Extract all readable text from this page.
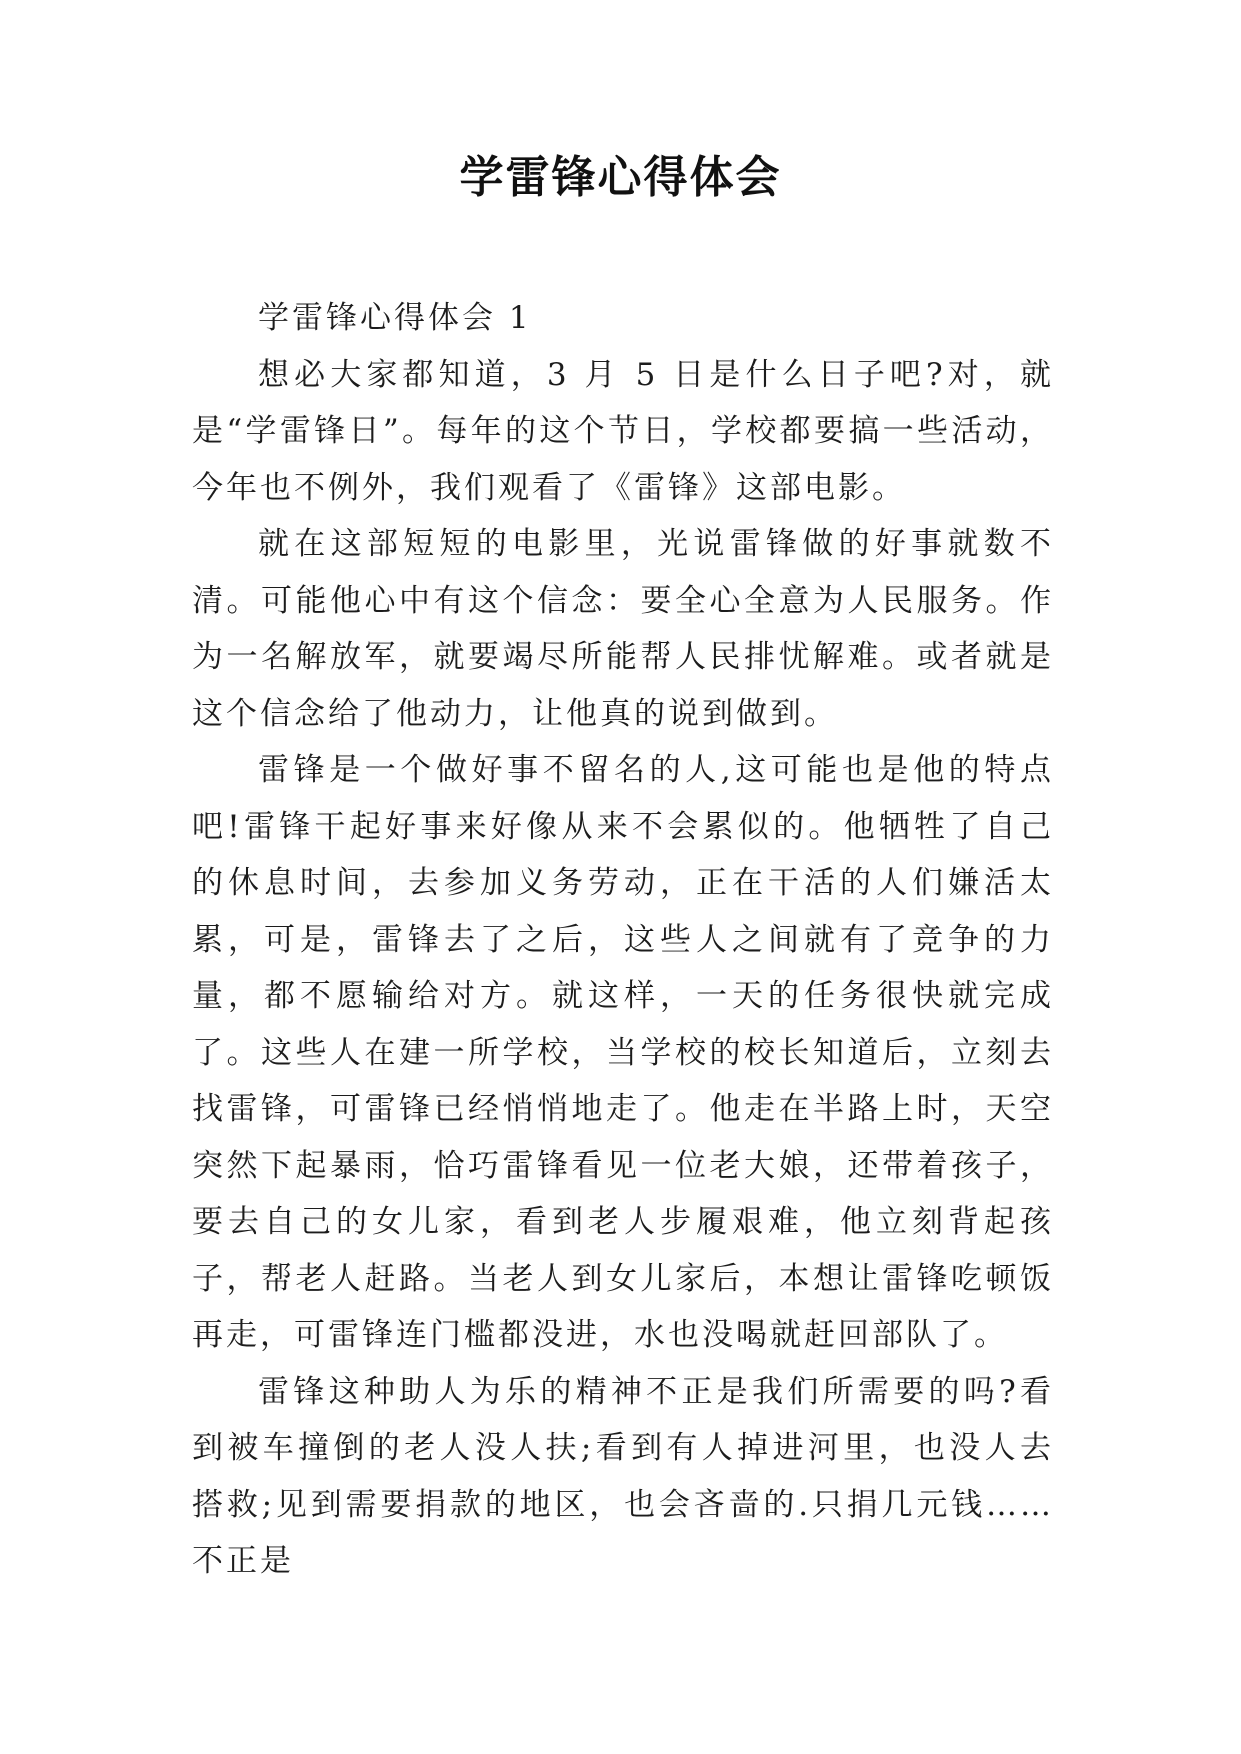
学雷锋心得体会

学雷锋心得体会 1

想必大家都知道，3 月 5 日是什么日子吧?对，就是“学雷锋日”。每年的这个节日，学校都要搞一些活动，今年也不例外，我们观看了《雷锋》这部电影。

就在这部短短的电影里，光说雷锋做的好事就数不清。可能他心中有这个信念：要全心全意为人民服务。作为一名解放军，就要竭尽所能帮人民排忧解难。或者就是这个信念给了他动力，让他真的说到做到。

雷锋是一个做好事不留名的人,这可能也是他的特点吧!雷锋干起好事来好像从来不会累似的。他牺牲了自己的休息时间，去参加义务劳动，正在干活的人们嫌活太累，可是，雷锋去了之后，这些人之间就有了竞争的力量，都不愿输给对方。就这样，一天的任务很快就完成了。这些人在建一所学校，当学校的校长知道后，立刻去找雷锋，可雷锋已经悄悄地走了。他走在半路上时，天空突然下起暴雨，恰巧雷锋看见一位老大娘，还带着孩子，要去自己的女儿家，看到老人步履艰难，他立刻背起孩子，帮老人赶路。当老人到女儿家后，本想让雷锋吃顿饭再走，可雷锋连门槛都没进，水也没喝就赶回部队了。

雷锋这种助人为乐的精神不正是我们所需要的吗?看到被车撞倒的老人没人扶;看到有人掉进河里，也没人去搭救;见到需要捐款的地区，也会吝啬的.只捐几元钱……不正是
